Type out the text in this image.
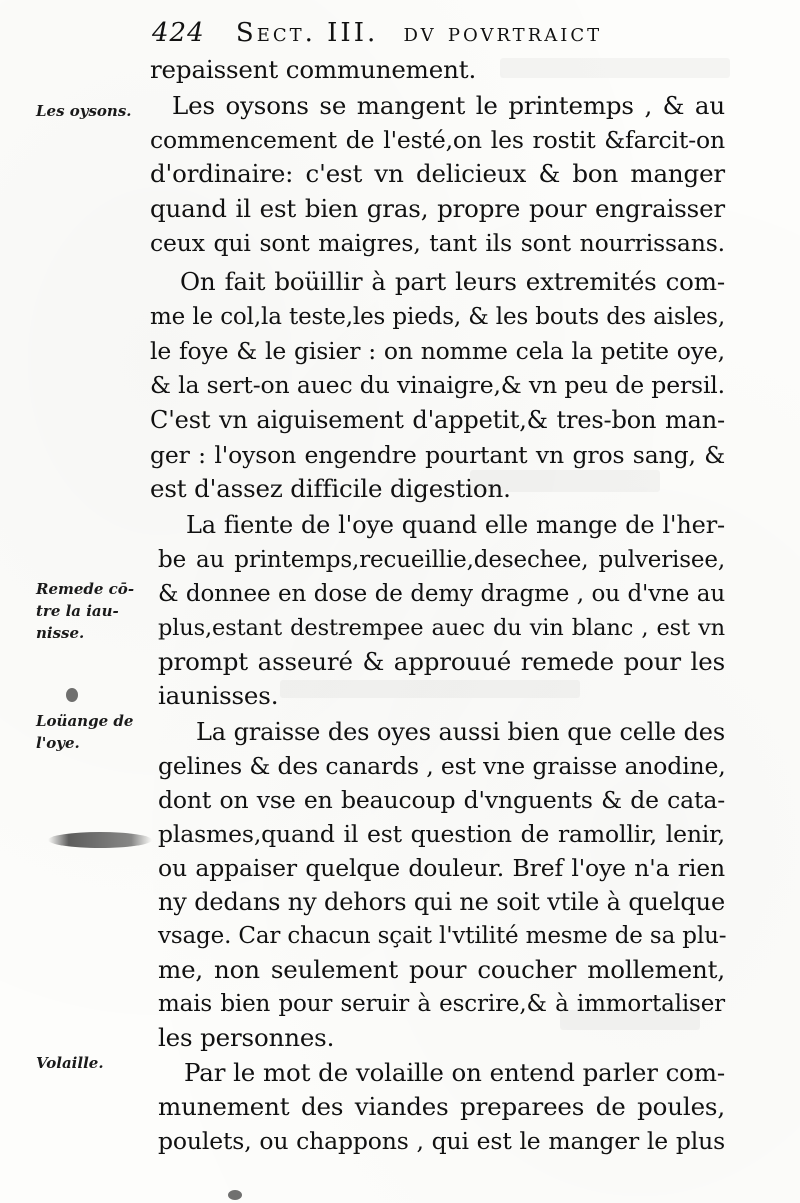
424 Sect. III. dv povrtraict
Les oysons.
Remede cō-
tre la iau-
nisse.
Loüange de
l'oye.
Volaille.
repaissent communement.
Les oysons se mangent le printemps , & au
commencement de l'esté,on les rostit &farcit-on
d'ordinaire: c'est vn delicieux & bon manger
quand il est bien gras, propre pour engraisser
ceux qui sont maigres, tant ils sont nourrissans.
On fait boüillir à part leurs extremités com-
me le col,la teste,les pieds, & les bouts des aisles,
le foye & le gisier : on nomme cela la petite oye,
& la sert-on auec du vinaigre,& vn peu de persil.
C'est vn aiguisement d'appetit,& tres-bon man-
ger : l'oyson engendre pourtant vn gros sang, &
est d'assez difficile digestion.
La fiente de l'oye quand elle mange de l'her-
be au printemps,recueillie,desechee, pulverisee,
& donnee en dose de demy dragme , ou d'vne au
plus,estant destrempee auec du vin blanc , est vn
prompt asseuré & approuué remede pour les
iaunisses.
La graisse des oyes aussi bien que celle des
gelines & des canards , est vne graisse anodine,
dont on vse en beaucoup d'vnguents & de cata-
plasmes,quand il est question de ramollir, lenir,
ou appaiser quelque douleur. Bref l'oye n'a rien
ny dedans ny dehors qui ne soit vtile à quelque
vsage. Car chacun sçait l'vtilité mesme de sa plu-
me, non seulement pour coucher mollement,
mais bien pour seruir à escrire,& à immortaliser
les personnes.
Par le mot de volaille on entend parler com-
munement des viandes preparees de poules,
poulets, ou chappons , qui est le manger le plus
